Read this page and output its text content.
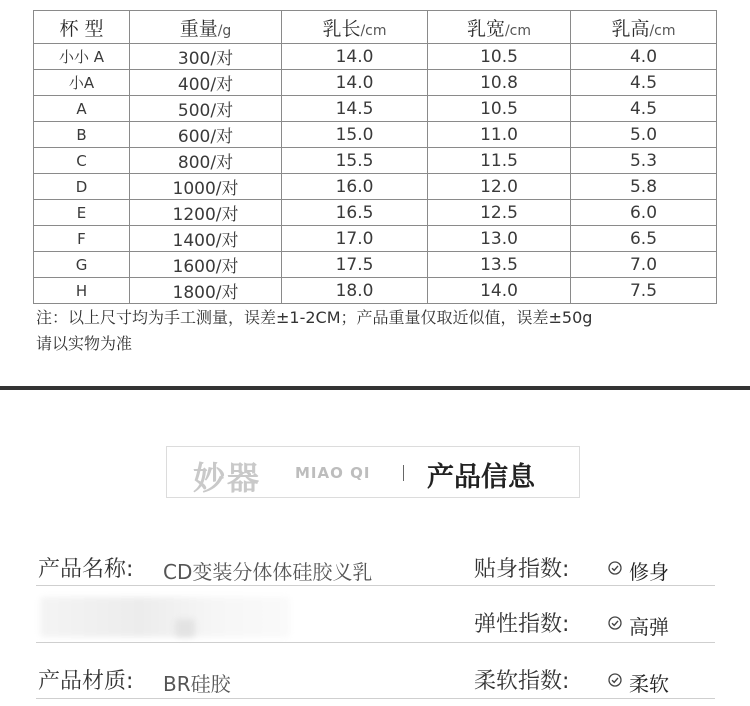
杯 型	重量/g	乳长/cm	乳宽/cm	乳高/cm
小小 A	300/对	14.0	10.5	4.0
小A	400/对	14.0	10.8	4.5
A	500/对	14.5	10.5	4.5
B	600/对	15.0	11.0	5.0
C	800/对	15.5	11.5	5.3
D	1000/对	16.0	12.0	5.8
E	1200/对	16.5	12.5	6.0
F	1400/对	17.0	13.0	6.5
G	1600/对	17.5	13.5	7.0
H	1800/对	18.0	14.0	7.5
注：以上尺寸均为手工测量，误差±1-2CM；产品重量仅取近似值，误差±50g
请以实物为准
妙器 MIAO QI 产品信息
产品名称: CD变装分体体硅胶义乳	贴身指数:	修身
弹性指数:	高弹
产品材质: BR硅胶	柔软指数:	柔软
